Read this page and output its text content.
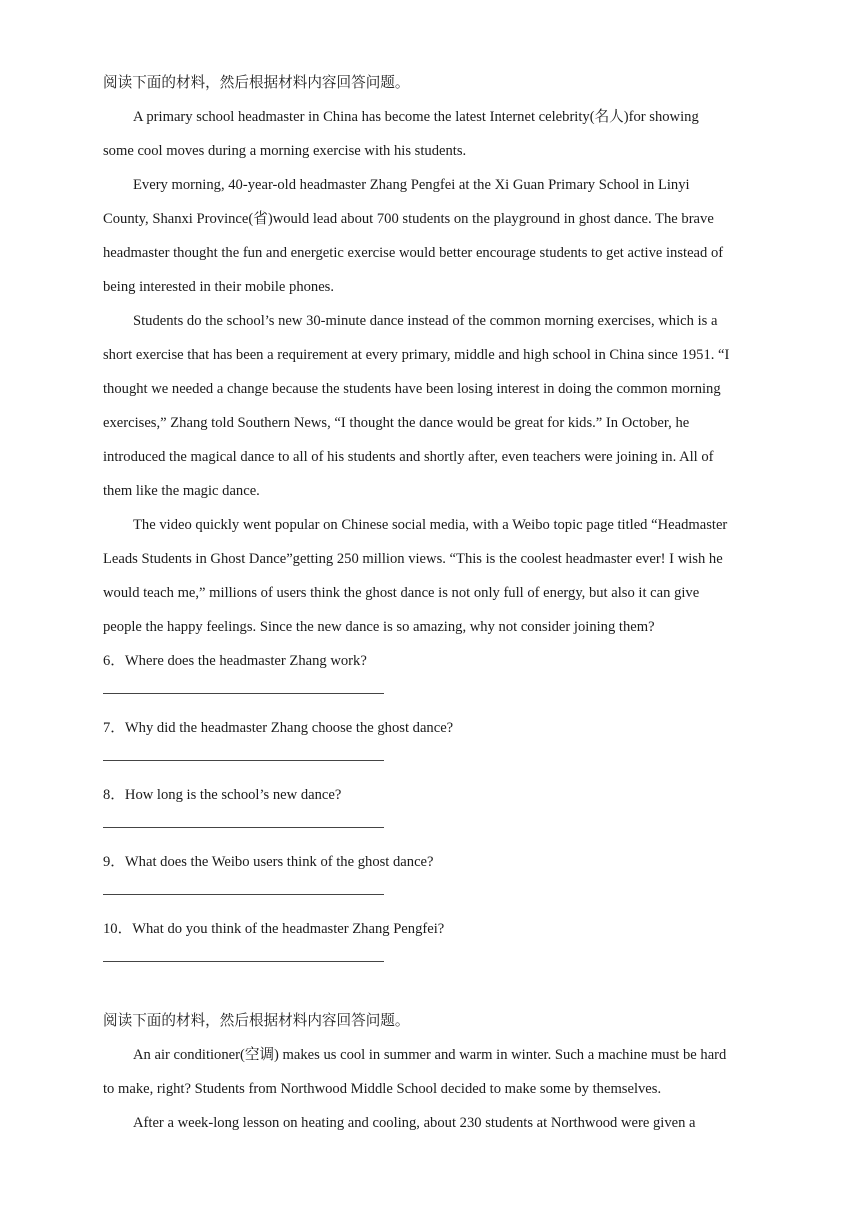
阅读下面的材料，然后根据材料内容回答问题。
A primary school headmaster in China has become the latest Internet celebrity(名人)for showing
some cool moves during a morning exercise with his students.
Every morning, 40-year-old headmaster Zhang Pengfei at the Xi Guan Primary School in Linyi
County, Shanxi Province(省)would lead about 700 students on the playground in ghost dance. The brave
headmaster thought the fun and energetic exercise would better encourage students to get active instead of
being interested in their mobile phones.
Students do the school’s new 30-minute dance instead of the common morning exercises, which is a
short exercise that has been a requirement at every primary, middle and high school in China since 1951. “I
thought we needed a change because the students have been losing interest in doing the common morning
exercises,” Zhang told Southern News, “I thought the dance would be great for kids.” In October, he
introduced the magical dance to all of his students and shortly after, even teachers were joining in. All of
them like the magic dance.
The video quickly went popular on Chinese social media, with a Weibo topic page titled “Headmaster
Leads Students in Ghost Dance”getting 250 million views. “This is the coolest headmaster ever! I wish he
would teach me,” millions of users think the ghost dance is not only full of energy, but also it can give
people the happy feelings. Since the new dance is so amazing, why not consider joining them?
6．Where does the headmaster Zhang work?
7．Why did the headmaster Zhang choose the ghost dance?
8．How long is the school’s new dance?
9．What does the Weibo users think of the ghost dance?
10．What do you think of the headmaster Zhang Pengfei?
阅读下面的材料，然后根据材料内容回答问题。
An air conditioner(空调) makes us cool in summer and warm in winter. Such a machine must be hard
to make, right? Students from Northwood Middle School decided to make some by themselves.
After a week-long lesson on heating and cooling, about 230 students at Northwood were given a
